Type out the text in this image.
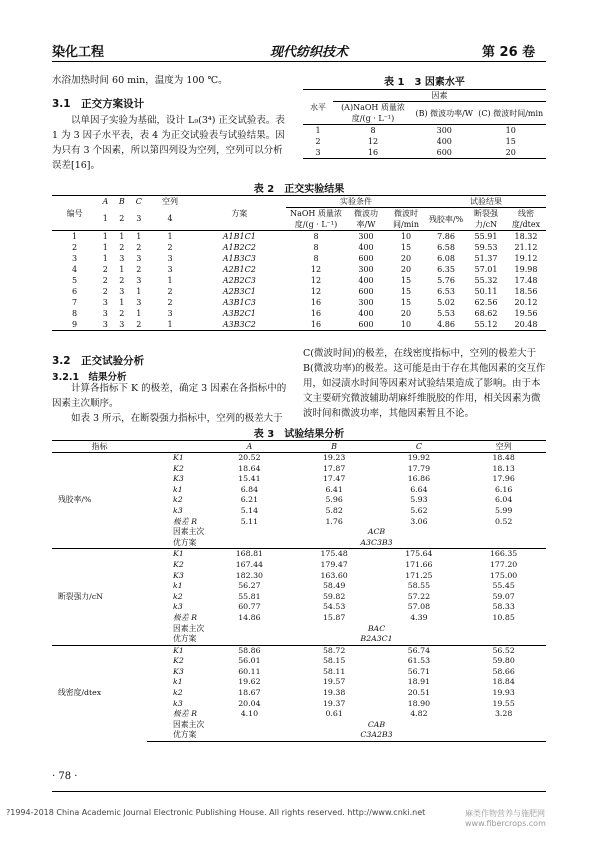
染化工程	现代纺织技术	第 26 卷
水浴加热时间 60 min，温度为 100 ℃。
3.1　正交方案设计
以单因子实验为基础，设计 L₉(3⁴) 正交试验表。表 1 为 3 因子水平表，表 4 为正交试验表与试验结果。因为只有 3 个因素，所以第四列设为空列，空列可以分析误差[16]。
表 1　3 因素水平
水平	因素		
	(A)NaOH 质量浓度/(g · L⁻¹)	(B) 微波功率/W	(C) 微波时间/min
1	8	300	10
2	12	400	15
3	16	600	20
表 2　正交实验结果
编号	A	B	C	空列	方案	实验条件			试验结果		
						NaOH 质量浓度/(g · L⁻¹)	微波功率/W	微波时间/min	残胶率/%	断裂强力/cN	线密度/dtex
	1	2	3	4							
1	1	1	1	1	A1B1C1	8	300	10	7.86	55.91	18.32
2	1	2	2	2	A1B2C2	8	400	15	6.58	59.53	21.12
3	1	3	3	3	A1B3C3	8	600	20	6.08	51.37	19.12
4	2	1	2	3	A2B1C2	12	300	20	6.35	57.01	19.98
5	2	2	3	1	A2B2C3	12	400	15	5.76	55.32	17.48
6	2	3	1	2	A2B3C1	12	600	15	6.53	50.11	18.56
7	3	1	3	2	A3B1C3	16	300	15	5.02	62.56	20.12
8	3	2	1	3	A3B2C1	16	400	20	5.53	68.62	19.56
9	3	3	2	1	A3B3C2	16	600	10	4.86	55.12	20.48
3.2　正交试验分析
3.2.1　结果分析
计算各指标下 K 的极差，确定 3 因素在各指标中的因素主次顺序。
如表 3 所示，在断裂强力指标中，空列的极差大于
C(微波时间)的极差，在线密度指标中，空列的极差大于 B(微波功率)的极差。这可能是由于存在其他因素的交互作用，如浸渍水时间等因素对试验结果造成了影响。由于本文主要研究微波辅助胡麻纤维脱胶的作用，相关因素为微波时间和微波功率，其他因素暂且不论。
表 3　试验结果分析
指标		A	B	C	空列
残胶率/%	K1	20.52	19.23	19.92	18.48
	K2	18.64	17.87	17.79	18.13
	K3	15.41	17.47	16.86	17.96
	k1	6.84	6.41	6.64	6.16
	k2	6.21	5.96	5.93	6.04
	k3	5.14	5.82	5.62	5.99
	极差 R	5.11	1.76	3.06	0.52
	因素主次	ACB			
	优方案	A3C3B3			
断裂强力/cN	K1	168.81	175.48	175.64	166.35
	K2	167.44	179.47	171.66	177.20
	K3	182.30	163.60	171.25	175.00
	k1	56.27	58.49	58.55	55.45
	k2	55.81	59.82	57.22	59.07
	k3	60.77	54.53	57.08	58.33
	极差 R	14.86	15.87	4.39	10.85
	因素主次	BAC			
	优方案	B2A3C1			
线密度/dtex	K1	58.86	58.72	56.74	56.52
	K2	56.01	58.15	61.53	59.80
	K3	60.11	58.11	56.71	58.66
	k1	19.62	19.57	18.91	18.84
	k2	18.67	19.38	20.51	19.93
	k3	20.04	19.37	18.90	19.55
	极差 R	4.10	0.61	4.82	3.28
	因素主次	CAB			
	优方案	C3A2B3			
· 78 ·
?1994-2018 China Academic Journal Electronic Publishing House. All rights reserved. http://www.cnki.net	麻类作物营养与施肥网 www.fibercrops.com
